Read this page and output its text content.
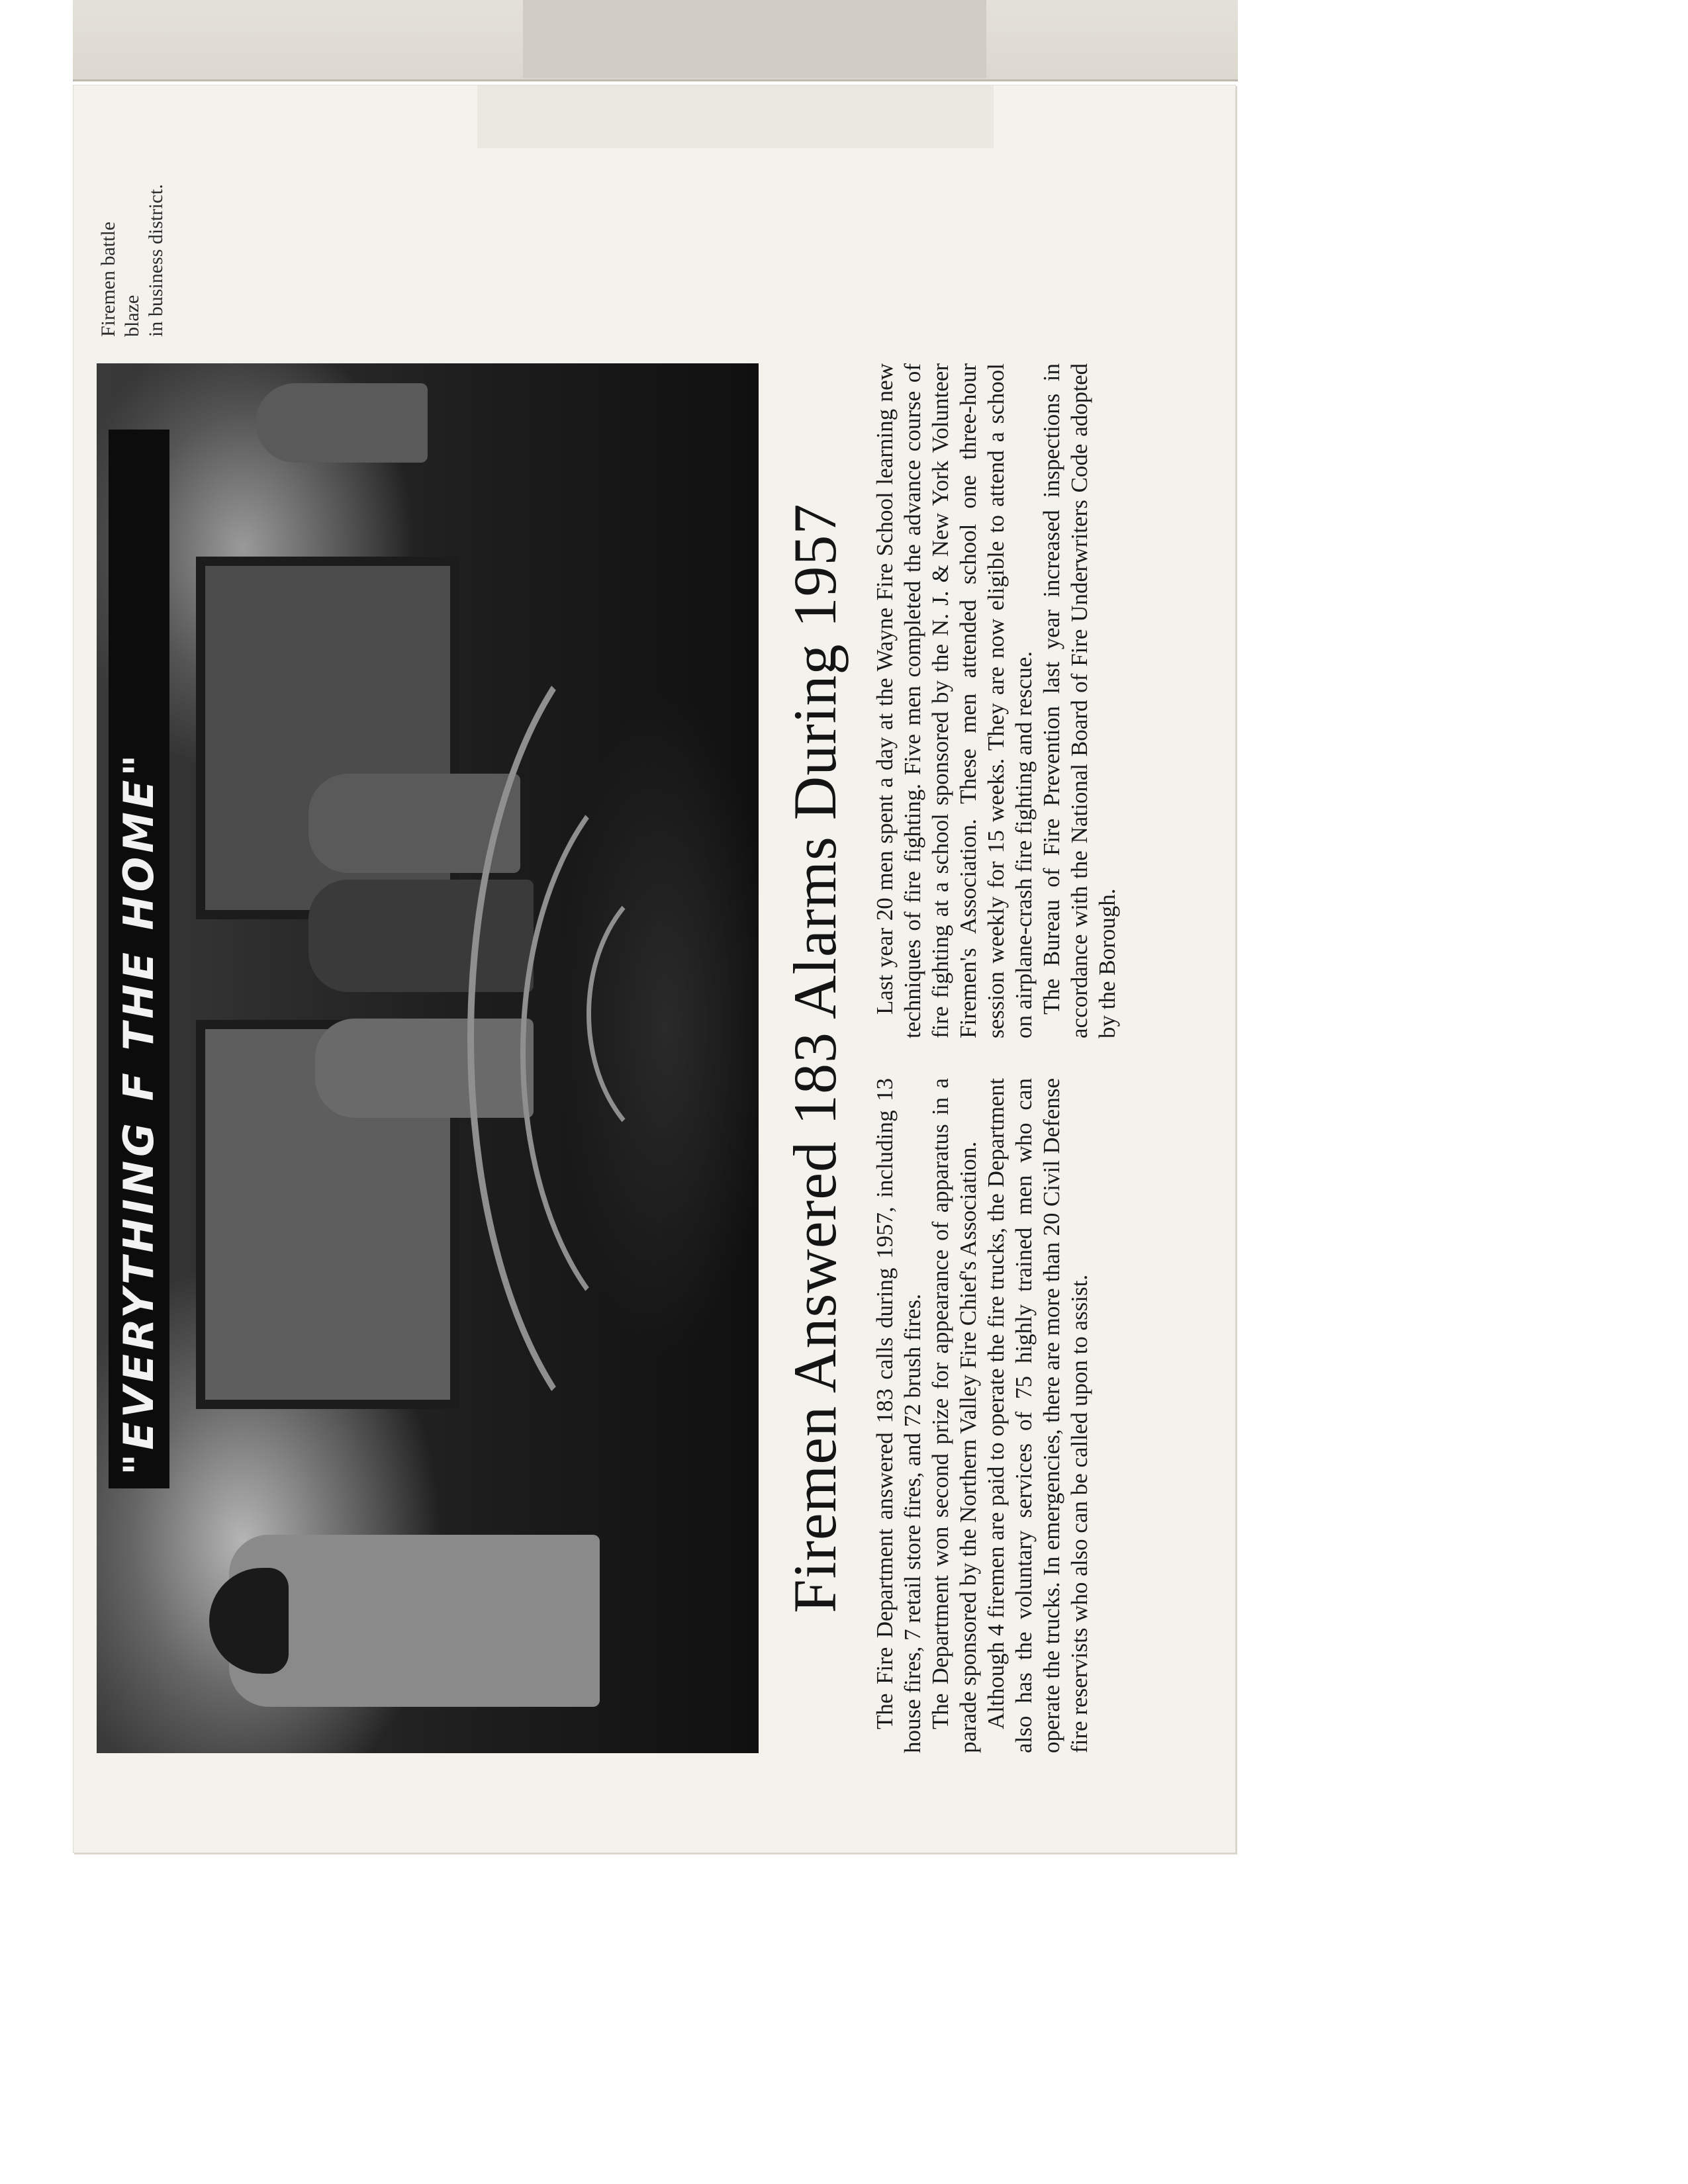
"EVERYTHING F THE HOME"
Firemen battle blaze in business district.
Firemen Answered 183 Alarms During 1957 The Fire Department answered 183 calls during 1957, including 13 house fires, 7 retail store fires, and 72 brush fires. The Department won second prize for appearance of apparatus in a parade sponsored by the Northern Valley Fire Chief's Association. Although 4 firemen are paid to operate the fire trucks, the Department also has the voluntary services of 75 highly trained men who can operate the trucks. In emergencies, there are more than 20 Civil Defense fire reservists who also can be called upon to assist.

Last year 20 men spent a day at the Wayne Fire School learning new techniques of fire fighting. Five men completed the advance course of fire fighting at a school sponsored by the N. J. & New York Volunteer Firemen's Association. These men attended school one three-hour session weekly for 15 weeks. They are now eligible to attend a school on airplane-crash fire fighting and rescue. The Bureau of Fire Prevention last year increased inspections in accordance with the National Board of Fire Underwriters Code adopted by the Borough.
